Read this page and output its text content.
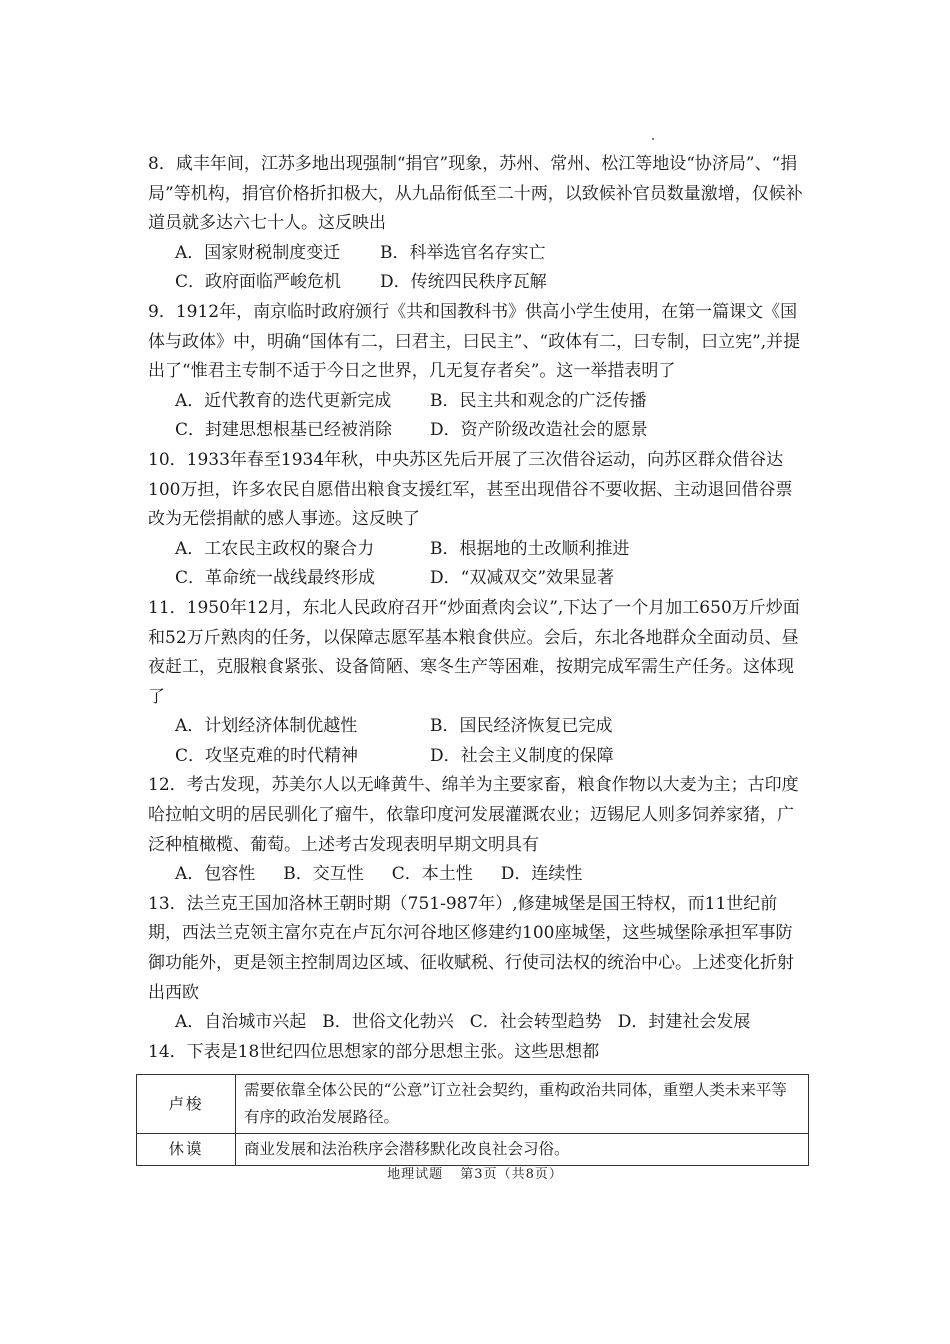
8．咸丰年间，江苏多地出现强制“捐官”现象，苏州、常州、松江等地设“协济局”、“捐局”等机构，捐官价格折扣极大，从九品衔低至二十两，以致候补官员数量激增，仅候补道员就多达六七十人。这反映出

A．国家财税制度变迁 B．科举选官名存实亡
C．政府面临严峻危机 D．传统四民秩序瓦解

9．1912年，南京临时政府颁行《共和国教科书》供高小学生使用，在第一篇课文《国体与政体》中，明确“国体有二，曰君主，曰民主”、“政体有二，曰专制，曰立宪”,并提出了“惟君主专制不适于今日之世界，几无复存者矣”。这一举措表明了

A．近代教育的迭代更新完成 B．民主共和观念的广泛传播
C．封建思想根基已经被消除 D．资产阶级改造社会的愿景

10．1933年春至1934年秋，中央苏区先后开展了三次借谷运动，向苏区群众借谷达100万担，许多农民自愿借出粮食支援红军，甚至出现借谷不要收据、主动退回借谷票改为无偿捐献的感人事迹。这反映了

A．工农民主政权的聚合力	B．根据地的土改顺利推进
C．革命统一战线最终形成	D．“双减双交”效果显著

11．1950年12月，东北人民政府召开“炒面煮肉会议”,下达了一个月加工650万斤炒面和52万斤熟肉的任务，以保障志愿军基本粮食供应。会后，东北各地群众全面动员、昼夜赶工，克服粮食紧张、设备简陋、寒冬生产等困难，按期完成军需生产任务。这体现了

A．计划经济体制优越性	B．国民经济恢复已完成
C．攻坚克难的时代精神	D．社会主义制度的保障

12．考古发现，苏美尔人以无峰黄牛、绵羊为主要家畜，粮食作物以大麦为主；古印度哈拉帕文明的居民驯化了瘤牛，依靠印度河发展灌溉农业；迈锡尼人则多饲养家猪，广泛种植橄榄、葡萄。上述考古发现表明早期文明具有

A．包容性 B．交互性 C．本土性 D．连续性

13．法兰克王国加洛林王朝时期（751-987年）,修建城堡是国王特权，而11世纪前期，西法兰克领主富尔克在卢瓦尔河谷地区修建约100座城堡，这些城堡除承担军事防御功能外，更是领主控制周边区域、征收赋税、行使司法权的统治中心。上述变化折射出西欧

A．自治城市兴起 B．世俗文化勃兴 C．社会转型趋势 D．封建社会发展

14．下表是18世纪四位思想家的部分思想主张。这些思想都

卢梭	需要依靠全体公民的“公意”订立社会契约，重构政治共同体，重塑人类未来平等有序的政治发展路径。
休谟	商业发展和法治秩序会潜移默化改良社会习俗。
地理试题 第3页（共8页）
